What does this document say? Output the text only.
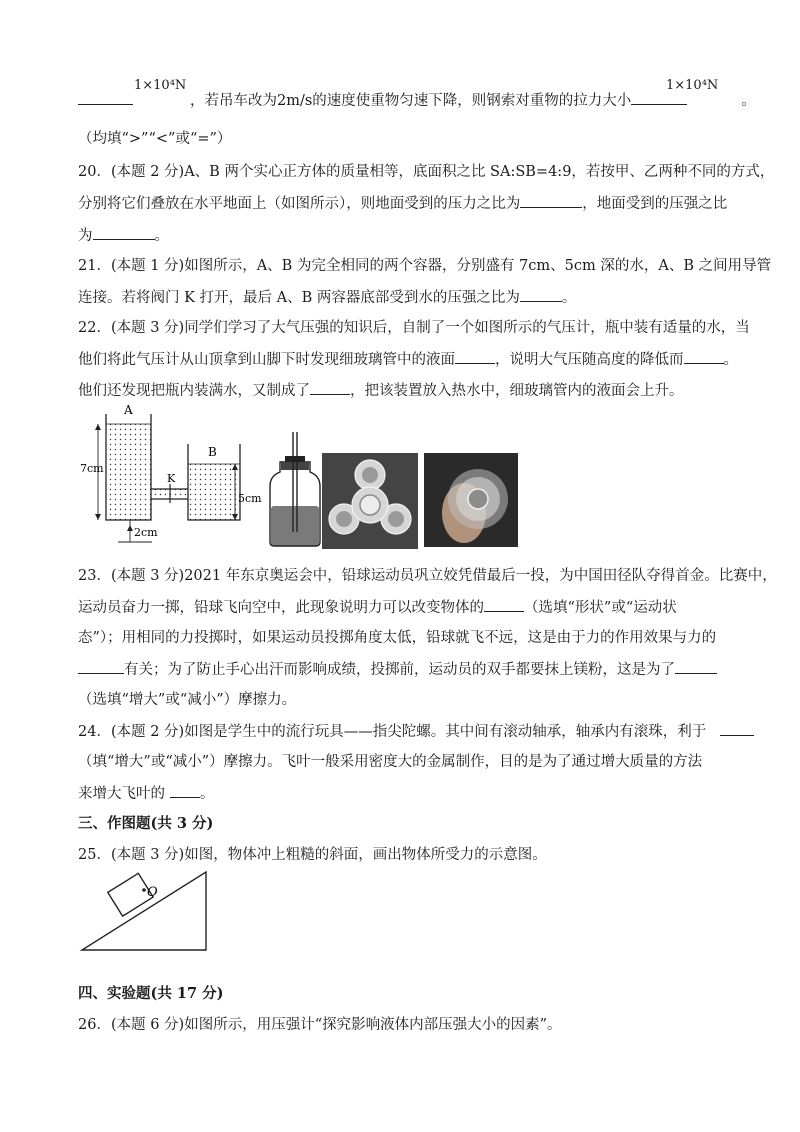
1×10⁴N
，若吊车改为2m/s的速度使重物匀速下降，则钢索对重物的拉力大小	。
1×10⁴N
（均填“>”“<”或“=”）
20．(本题 2 分)A、B 两个实心正方体的质量相等，底面积之比 SA:SB=4:9，若按甲、乙两种不同的方式，
分别将它们叠放在水平地面上（如图所示），则地面受到的压力之比为	，地面受到的压强之比
为	。
21．(本题 1 分)如图所示，A、B 为完全相同的两个容器，分别盛有 7cm、5cm 深的水，A、B 之间用导管
连接。若将阀门 K 打开，最后 A、B 两容器底部受到水的压强之比为	。
22．(本题 3 分)同学们学习了大气压强的知识后，自制了一个如图所示的气压计，瓶中装有适量的水，当
他们将此气压计从山顶拿到山脚下时发现细玻璃管中的液面	，说明大气压随高度的降低而	。
他们还发现把瓶内装满水，又制成了	，把该装置放入热水中，细玻璃管内的液面会上升。
A
B
K
7cm
5cm
2cm
23．(本题 3 分)2021 年东京奥运会中，铅球运动员巩立姣凭借最后一投，为中国田径队夺得首金。比赛中，
运动员奋力一掷，铅球飞向空中，此现象说明力可以改变物体的	（选填“形状”或“运动状
态”）；用相同的力投掷时，如果运动员投掷角度太低，铅球就飞不远，这是由于力的作用效果与力的
有关；为了防止手心出汗而影响成绩，投掷前，运动员的双手都要抹上镁粉，这是为了
（选填“增大”或“减小”）摩擦力。
24．(本题 2 分)如图是学生中的流行玩具——指尖陀螺。其中间有滚动轴承，轴承内有滚珠，利于
（填“增大”或“减小”）摩擦力。飞叶一般采用密度大的金属制作，目的是为了通过增大质量的方法
来增大飞叶的 。
三、作图题(共 3 分)
25．(本题 3 分)如图，物体冲上粗糙的斜面，画出物体所受力的示意图。
O
四、实验题(共 17 分)
26．(本题 6 分)如图所示，用压强计“探究影响液体内部压强大小的因素”。
